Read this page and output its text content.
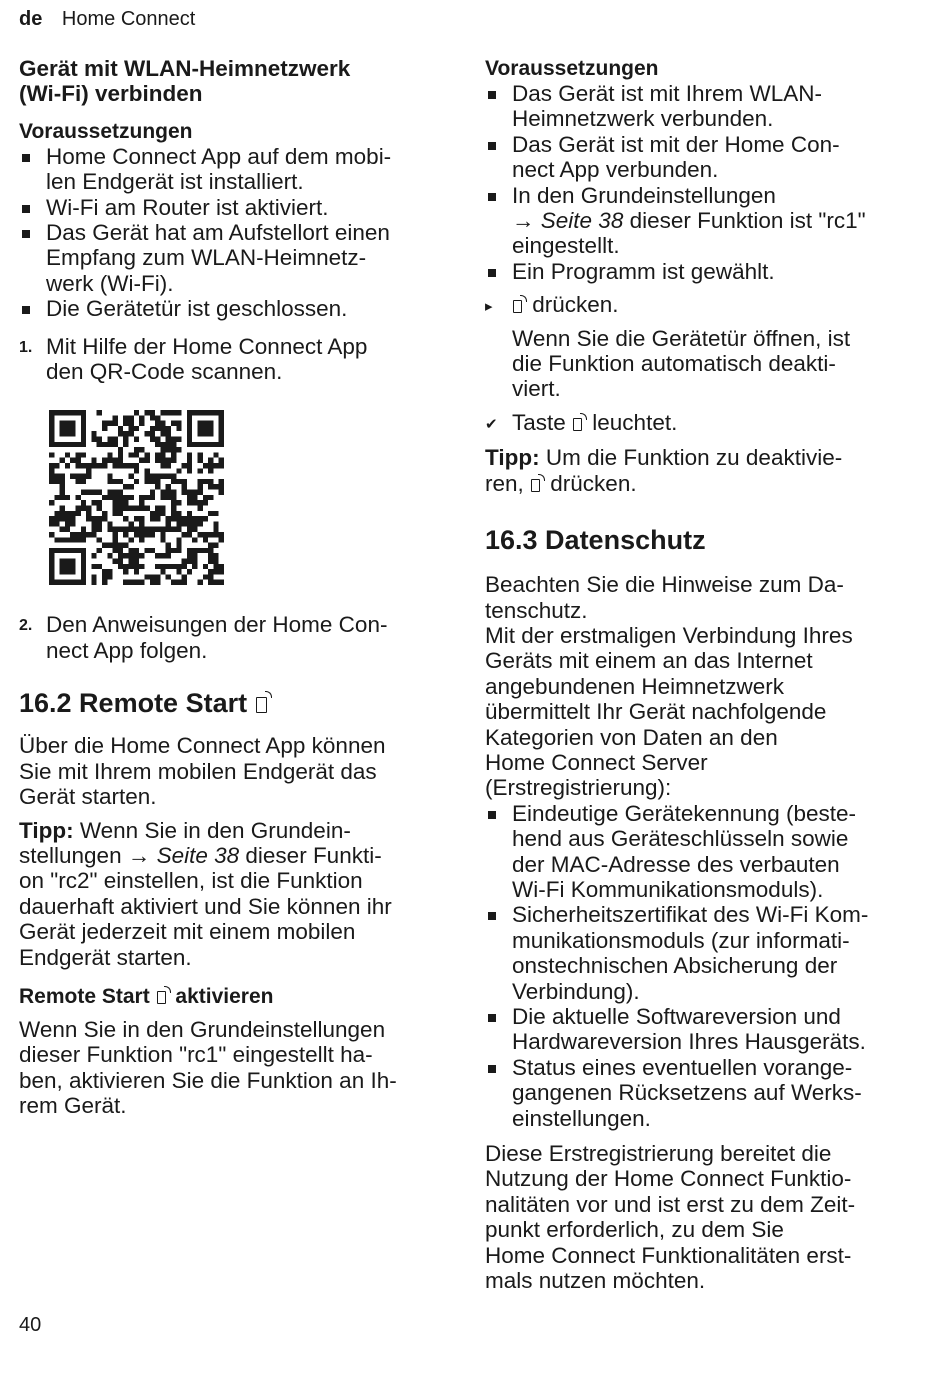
de Home Connect
Gerät mit WLAN-Heimnetzwerk
(Wi-Fi) verbinden
Voraussetzungen
Home Connect App auf dem mobi-
len Endgerät ist installiert.
Wi-Fi am Router ist aktiviert.
Das Gerät hat am Aufstellort einen
Empfang zum WLAN-Heimnetz-
werk (Wi-Fi).
Die Gerätetür ist geschlossen.
1. Mit Hilfe der Home Connect App
den QR-Code scannen.
2. Den Anweisungen der Home Con-
nect App folgen.
16.2 Remote Start
Über die Home Connect App können
Sie mit Ihrem mobilen Endgerät das
Gerät starten.
Tipp: Wenn Sie in den Grundein-
stellungen → Seite 38 dieser Funkti-
on "rc2" einstellen, ist die Funktion
dauerhaft aktiviert und Sie können ihr
Gerät jederzeit mit einem mobilen
Endgerät starten.
Remote Start aktivieren
Wenn Sie in den Grundeinstellungen
dieser Funktion "rc1" eingestellt ha-
ben, aktivieren Sie die Funktion an Ih-
rem Gerät.
Voraussetzungen
Das Gerät ist mit Ihrem WLAN-
Heimnetzwerk verbunden.
Das Gerät ist mit der Home Con-
nect App verbunden.
In den Grundeinstellungen
→ Seite 38 dieser Funktion ist "rc1"
eingestellt.
Ein Programm ist gewählt.
▸	drücken.
Wenn Sie die Gerätetür öffnen, ist
die Funktion automatisch deakti-
viert.
✔ Taste
leuchtet.
Tipp: Um die Funktion zu deaktivie-
ren,
drücken.
16.3 Datenschutz
Beachten Sie die Hinweise zum Da-
tenschutz.
Mit der erstmaligen Verbindung Ihres
Geräts mit einem an das Internet
angebundenen Heimnetzwerk
übermittelt Ihr Gerät nachfolgende
Kategorien von Daten an den
Home Connect Server
(Erstregistrierung):
Eindeutige Gerätekennung (beste-
hend aus Geräteschlüsseln sowie
der MAC-Adresse des verbauten
Wi-Fi Kommunikationsmoduls).
Sicherheitszertifikat des Wi-Fi Kom-
munikationsmoduls (zur informati-
onstechnischen Absicherung der
Verbindung).
Die aktuelle Softwareversion und
Hardwareversion Ihres Hausgeräts.
Status eines eventuellen vorange-
gangenen Rücksetzens auf Werks-
einstellungen.
Diese Erstregistrierung bereitet die
Nutzung der Home Connect Funktio-
nalitäten vor und ist erst zu dem Zeit-
punkt erforderlich, zu dem Sie
Home Connect Funktionalitäten erst-
mals nutzen möchten.
40
